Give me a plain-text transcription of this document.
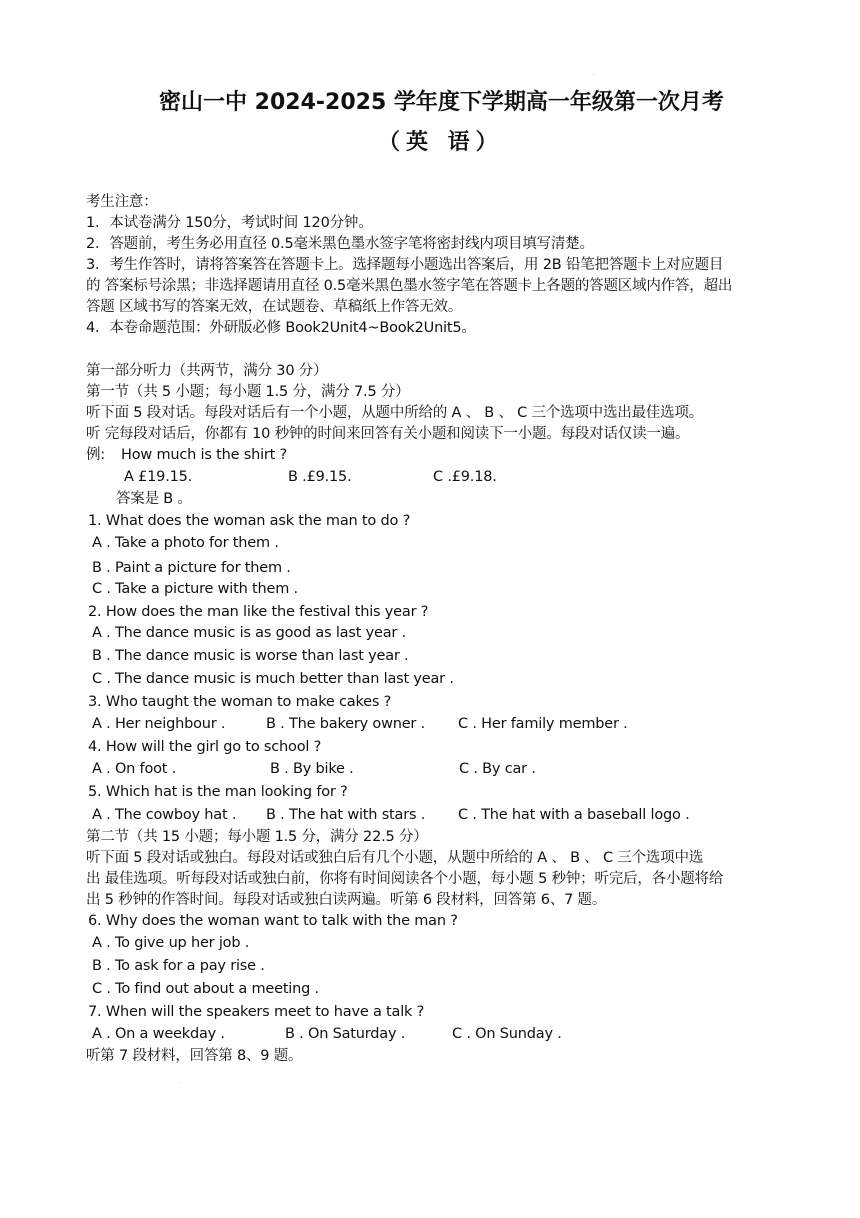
·
密山一中 2024-2025 学年度下学期高一年级第一次月考
（英 语）
考生注意：
1．本试卷满分 150分，考试时间 120分钟。
2．答题前，考生务必用直径 0.5毫米黑色墨水签字笔将密封线内项目填写清楚。
3．考生作答时，请将答案答在答题卡上。选择题每小题选出答案后，用 2B 铅笔把答题卡上对应题目
的 答案标号涂黑；非选择题请用直径 0.5毫米黑色墨水签字笔在答题卡上各题的答题区域内作答，超出
答题 区域书写的答案无效，在试题卷、草稿纸上作答无效。
4．本卷命题范围：外研版必修 Book2Unit4~Book2Unit5。
第一部分听力（共两节，满分 30 分）
第一节（共 5 小题；每小题 1.5 分，满分 7.5 分）
听下面 5 段对话。每段对话后有一个小题，从题中所给的 A 、 B 、 C 三个选项中选出最佳选项。
听 完每段对话后，你都有 10 秒钟的时间来回答有关小题和阅读下一小题。每段对话仅读一遍。
例: How much is the shirt ?
A £19.15.	B .£9.15.	C .£9.18.
答案是 B 。
1. What does the woman ask the man to do ?
A . Take a photo for them .
B . Paint a picture for them .
C . Take a picture with them .
2. How does the man like the festival this year ?
A . The dance music is as good as last year .
B . The dance music is worse than last year .
C . The dance music is much better than last year .
3. Who taught the woman to make cakes ?
A . Her neighbour .	B . The bakery owner . C . Her family member .
4. How will the girl go to school ?
A . On foot .	B . By bike .	C . By car .
5. Which hat is the man looking for ?
A . The cowboy hat . B . The hat with stars . C . The hat with a baseball logo .
第二节（共 15 小题；每小题 1.5 分，满分 22.5 分）
听下面 5 段对话或独白。每段对话或独白后有几个小题，从题中所给的 A 、 B 、 C 三个选项中选
出 最佳选项。听每段对话或独白前，你将有时间阅读各个小题，每小题 5 秒钟；听完后，各小题将给
出 5 秒钟的作答时间。每段对话或独白读两遍。听第 6 段材料，回答第 6、7 题。
6. Why does the woman want to talk with the man ?
A . To give up her job .
B . To ask for a pay rise .
C . To find out about a meeting .
7. When will the speakers meet to have a talk ?
A . On a weekday .	B . On Saturday .	C . On Sunday .
听第 7 段材料，回答第 8、9 题。
·
